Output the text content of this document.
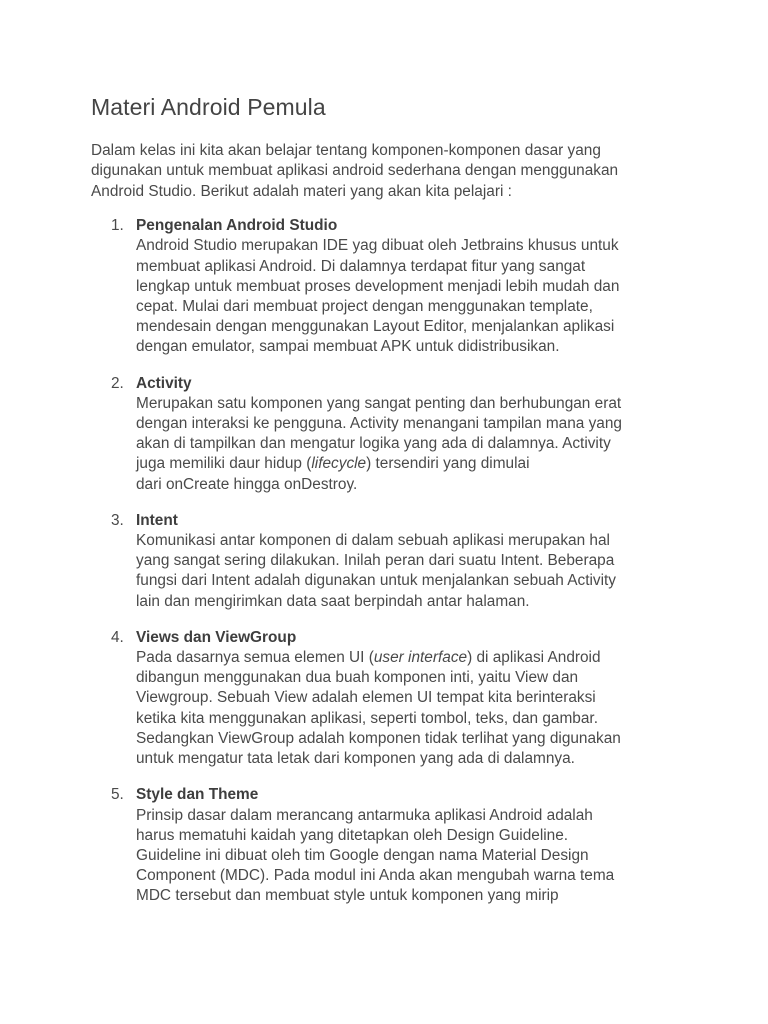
Materi Android Pemula

Dalam kelas ini kita akan belajar tentang komponen-komponen dasar yang
digunakan untuk membuat aplikasi android sederhana dengan menggunakan
Android Studio. Berikut adalah materi yang akan kita pelajari :

1. Pengenalan Android Studio
Android Studio merupakan IDE yag dibuat oleh Jetbrains khusus untuk
membuat aplikasi Android. Di dalamnya terdapat fitur yang sangat
lengkap untuk membuat proses development menjadi lebih mudah dan
cepat. Mulai dari membuat project dengan menggunakan template,
mendesain dengan menggunakan Layout Editor, menjalankan aplikasi
dengan emulator, sampai membuat APK untuk didistribusikan.
2. Activity
Merupakan satu komponen yang sangat penting dan berhubungan erat
dengan interaksi ke pengguna. Activity menangani tampilan mana yang
akan di tampilkan dan mengatur logika yang ada di dalamnya. Activity
juga memiliki daur hidup (lifecycle) tersendiri yang dimulai
dari onCreate hingga onDestroy.
3. Intent
Komunikasi antar komponen di dalam sebuah aplikasi merupakan hal
yang sangat sering dilakukan. Inilah peran dari suatu Intent. Beberapa
fungsi dari Intent adalah digunakan untuk menjalankan sebuah Activity
lain dan mengirimkan data saat berpindah antar halaman.
4. Views dan ViewGroup
Pada dasarnya semua elemen UI (user interface) di aplikasi Android
dibangun menggunakan dua buah komponen inti, yaitu View dan
Viewgroup. Sebuah View adalah elemen UI tempat kita berinteraksi
ketika kita menggunakan aplikasi, seperti tombol, teks, dan gambar.
Sedangkan ViewGroup adalah komponen tidak terlihat yang digunakan
untuk mengatur tata letak dari komponen yang ada di dalamnya.
5. Style dan Theme
Prinsip dasar dalam merancang antarmuka aplikasi Android adalah
harus mematuhi kaidah yang ditetapkan oleh Design Guideline.
Guideline ini dibuat oleh tim Google dengan nama Material Design
Component (MDC). Pada modul ini Anda akan mengubah warna tema
MDC tersebut dan membuat style untuk komponen yang mirip
